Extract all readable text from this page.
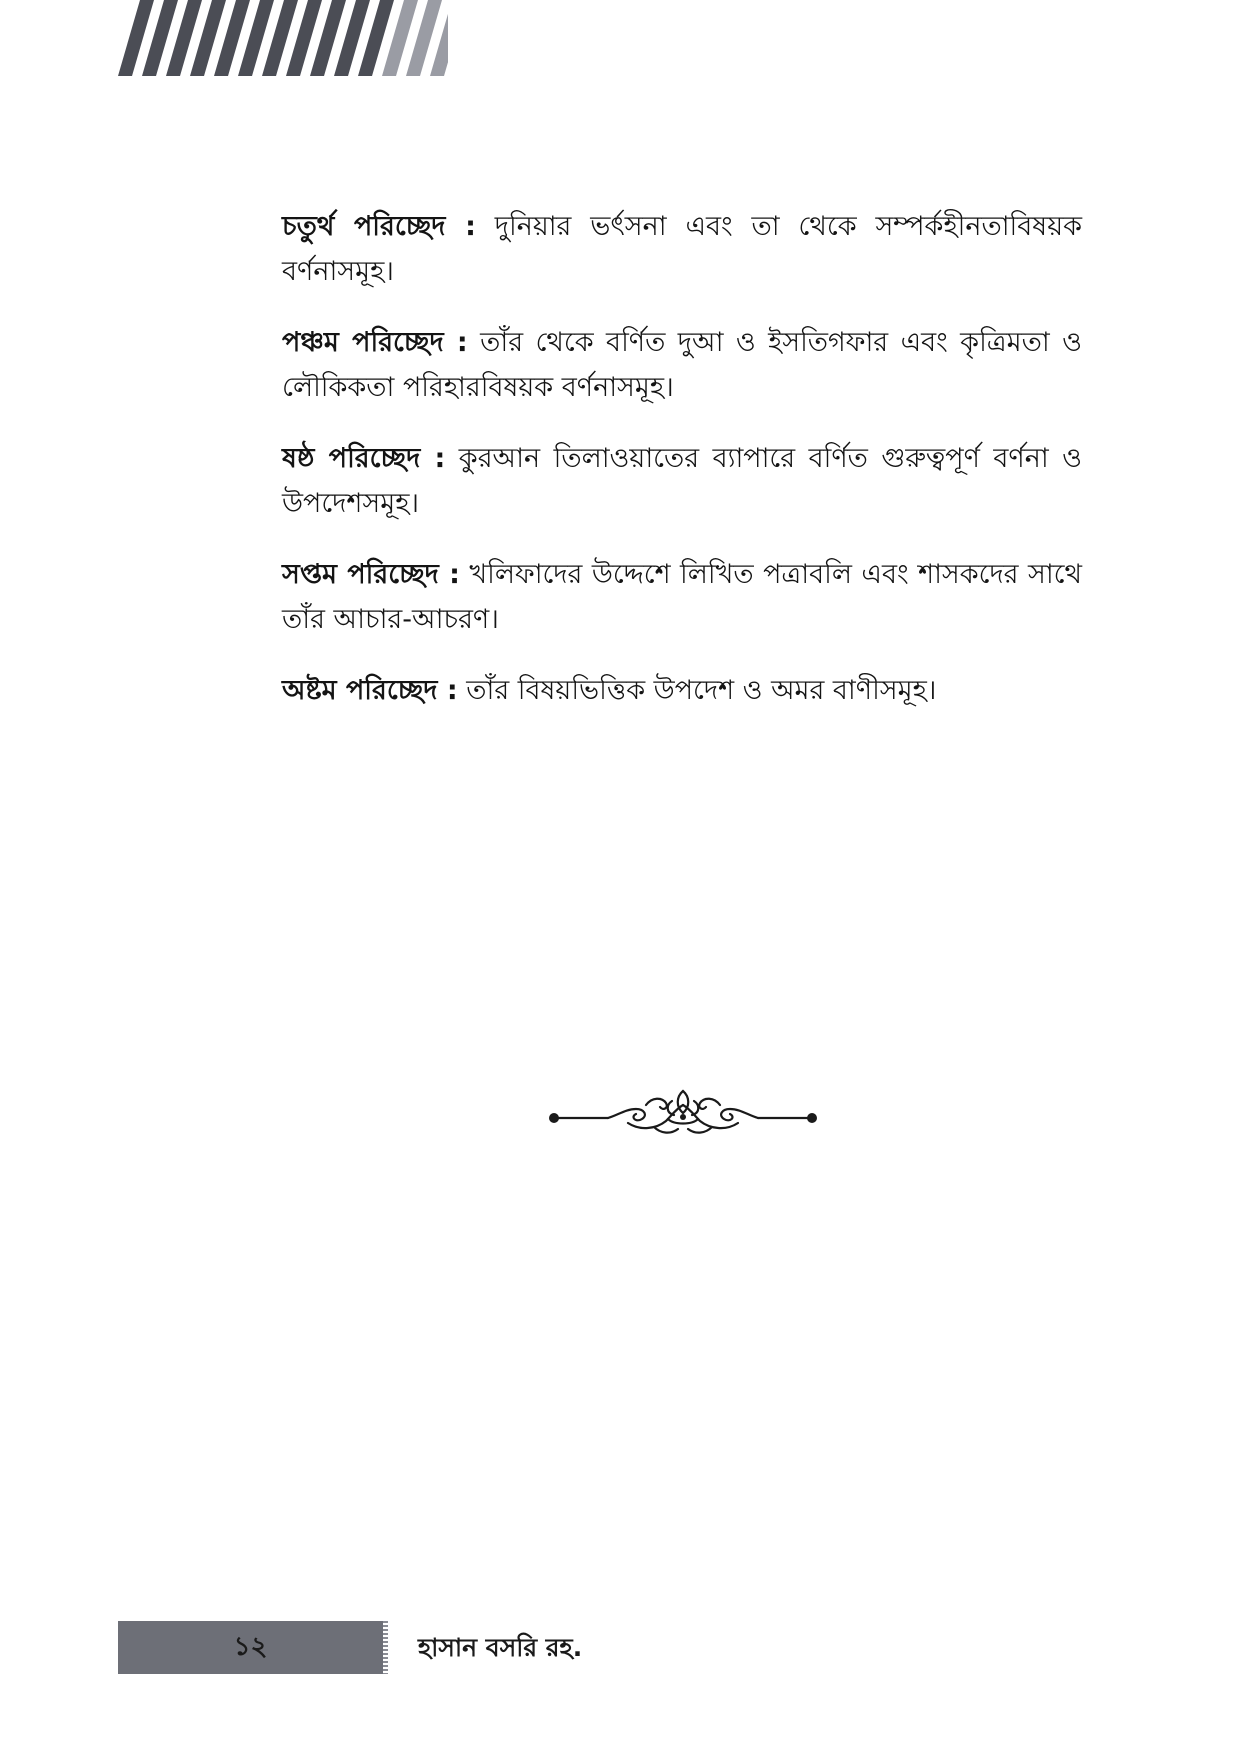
চতুর্থ পরিচ্ছেদ : দুনিয়ার ভর্ৎসনা এবং তা থেকে সম্পর্কহীনতাবিষয়ক বর্ণনাসমূহ।

পঞ্চম পরিচ্ছেদ : তাঁর থেকে বর্ণিত দুআ ও ইসতিগফার এবং কৃত্রিমতা ও লৌকিকতা পরিহারবিষয়ক বর্ণনাসমূহ।

ষষ্ঠ পরিচ্ছেদ : কুরআন তিলাওয়াতের ব্যাপারে বর্ণিত গুরুত্বপূর্ণ বর্ণনা ও উপদেশসমূহ।

সপ্তম পরিচ্ছেদ : খলিফাদের উদ্দেশে লিখিত পত্রাবলি এবং শাসকদের সাথে তাঁর আচার-আচরণ।

অষ্টম পরিচ্ছেদ : তাঁর বিষয়ভিত্তিক উপদেশ ও অমর বাণীসমূহ।

১২	হাসান বসরি রহ.
